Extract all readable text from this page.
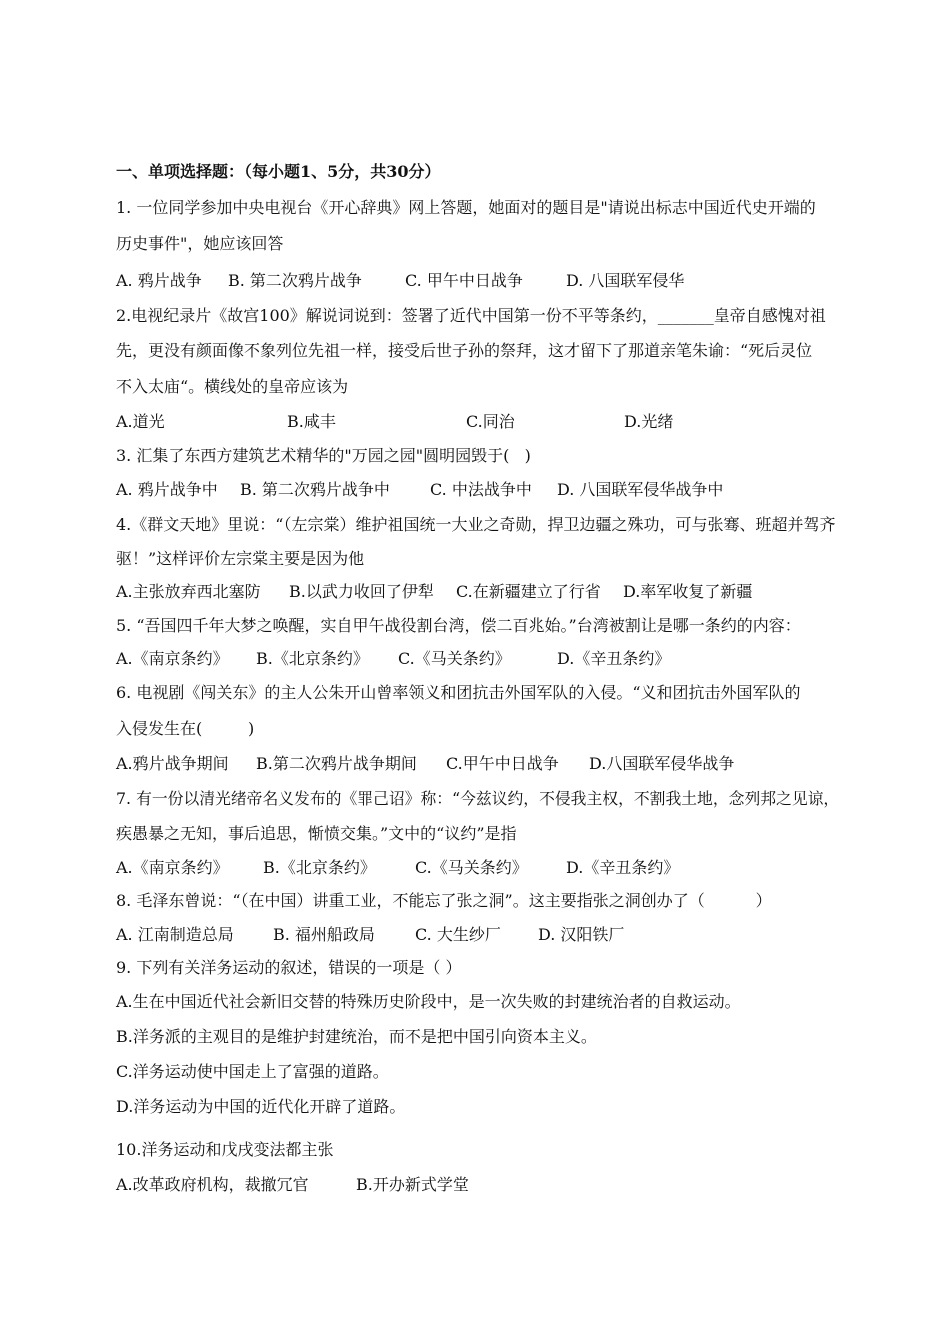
一、单项选择题：（每小题1、5分，共30分）
1. 一位同学参加中央电视台《开心辞典》网上答题，她面对的题目是"请说出标志中国近代史开端的
历史事件"，她应该回答
A. 鸦片战争 B. 第二次鸦片战争	C. 甲午中日战争	D. 八国联军侵华
2.电视纪录片《故宫100》解说词说到：签署了近代中国第一份不平等条约，_______皇帝自感愧对祖
先，更没有颜面像不象列位先祖一样，接受后世子孙的祭拜，这才留下了那道亲笔朱谕：“死后灵位
不入太庙“。横线处的皇帝应该为
A.道光	B.咸丰	C.同治	D.光绪
3. 汇集了东西方建筑艺术精华的"万园之园"圆明园毁于(   )
A. 鸦片战争中 B. 第二次鸦片战争中	C. 中法战争中 D. 八国联军侵华战争中
4.《群文天地》里说：“（左宗棠）维护祖国统一大业之奇勋，捍卫边疆之殊功，可与张骞、班超并驾齐
驱！”这样评价左宗棠主要是因为他
A.主张放弃西北塞防 B.以武力收回了伊犁 C.在新疆建立了行省 D.率军收复了新疆
5. “吾国四千年大梦之唤醒，实自甲午战役割台湾，偿二百兆始。”台湾被割让是哪一条约的内容：
A.《南京条约》 B.《北京条约》 C.《马关条约》	D.《辛丑条约》
6. 电视剧《闯关东》的主人公朱开山曾率领义和团抗击外国军队的入侵。“义和团抗击外国军队的
入侵发生在(         )
A.鸦片战争期间 B.第二次鸦片战争期间 C.甲午中日战争 D.八国联军侵华战争
7. 有一份以清光绪帝名义发布的《罪己诏》称：“今兹议约，不侵我主权，不割我土地，念列邦之见谅，
疾愚暴之无知，事后追思，惭愤交集。”文中的“议约”是指
A.《南京条约》 B.《北京条约》 C.《马关条约》 D.《辛丑条约》
8. 毛泽东曾说：“（在中国）讲重工业，不能忘了张之洞”。这主要指张之洞创办了（          ）
A. 江南制造总局 B. 福州船政局	C. 大生纱厂 D. 汉阳铁厂
9. 下列有关洋务运动的叙述，错误的一项是（ ）
A.生在中国近代社会新旧交替的特殊历史阶段中，是一次失败的封建统治者的自救运动。
B.洋务派的主观目的是维护封建统治，而不是把中国引向资本主义。
C.洋务运动使中国走上了富强的道路。
D.洋务运动为中国的近代化开辟了道路。
10.洋务运动和戊戌变法都主张
A.改革政府机构，裁撤冗官	B.开办新式学堂
